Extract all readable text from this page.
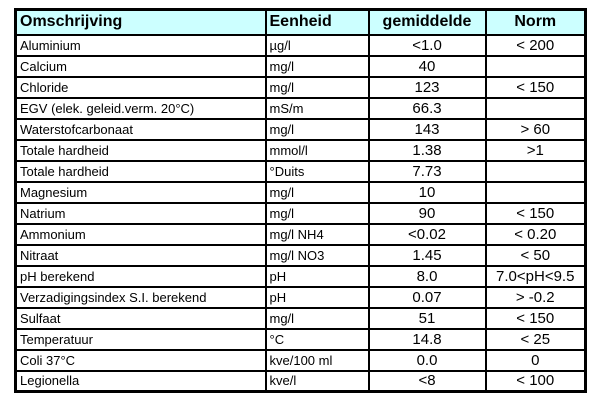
Omschrijving	Eenheid	gemiddelde	Norm
Aluminium	µg/l	<1.0	< 200
Calcium	mg/l	40	
Chloride	mg/l	123	< 150
EGV (elek. geleid.verm. 20°C)	mS/m	66.3	
Waterstofcarbonaat	mg/l	143	> 60
Totale hardheid	mmol/l	1.38	>1
Totale hardheid	°Duits	7.73	
Magnesium	mg/l	10	
Natrium	mg/l	90	< 150
Ammonium	mg/l NH4	<0.02	< 0.20
Nitraat	mg/l NO3	1.45	< 50
pH berekend	pH	8.0	7.0<pH<9.5
Verzadigingsindex S.I. berekend	pH	0.07	> -0.2
Sulfaat	mg/l	51	< 150
Temperatuur	°C	14.8	< 25
Coli 37°C	kve/100 ml	0.0	0
Legionella	kve/l	<8	< 100
